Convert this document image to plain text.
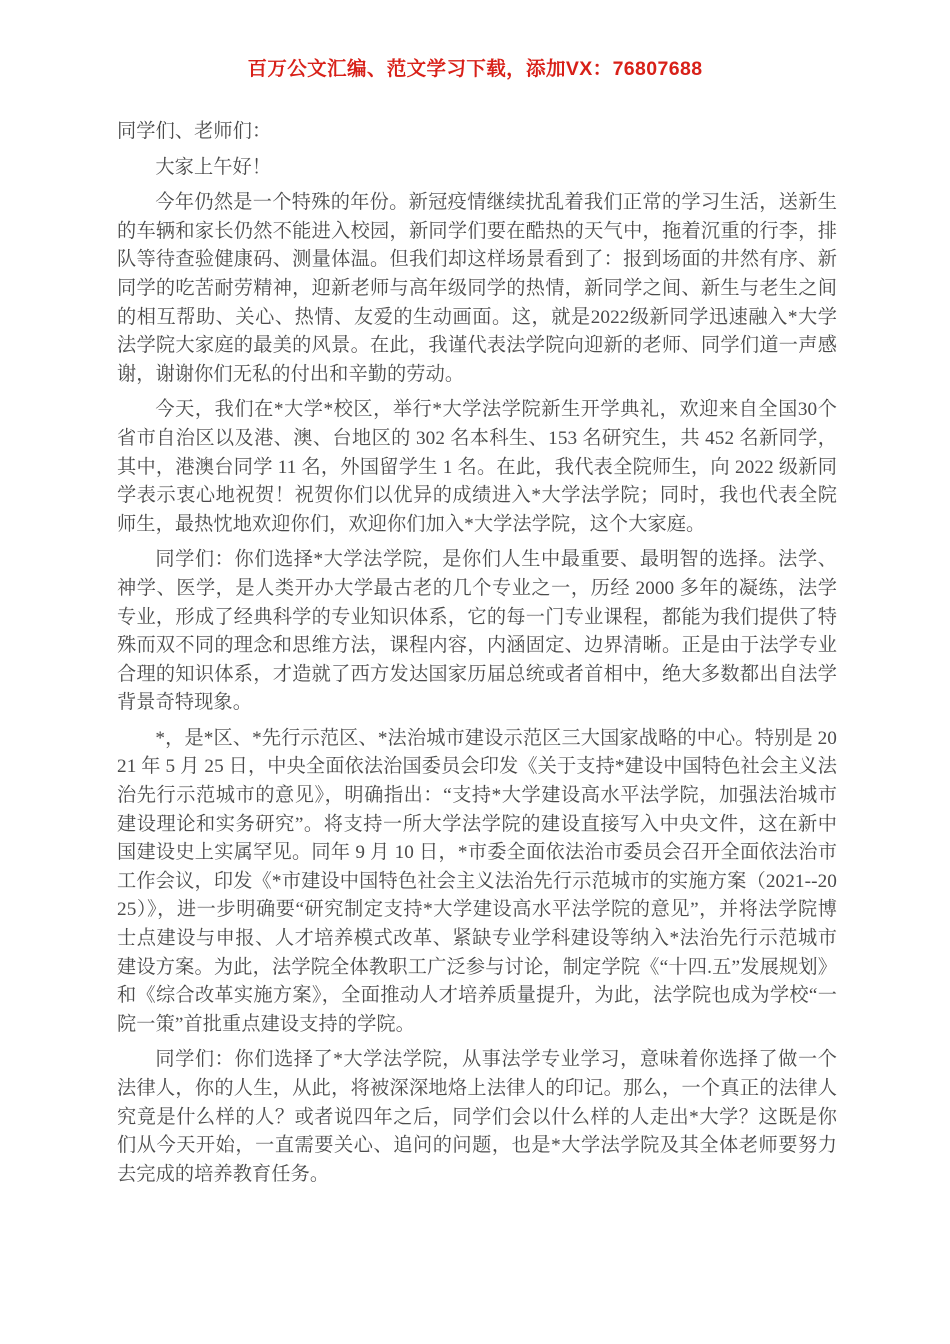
百万公文汇编、范文学习下载，添加VX：76807688

同学们、老师们：

大家上午好！

今年仍然是一个特殊的年份。新冠疫情继续扰乱着我们正常的学习生活，送新生的车辆和家长仍然不能进入校园，新同学们要在酷热的天气中，拖着沉重的行李，排队等待查验健康码、测量体温。但我们却这样场景看到了：报到场面的井然有序、新同学的吃苦耐劳精神，迎新老师与高年级同学的热情，新同学之间、新生与老生之间的相互帮助、关心、热情、友爱的生动画面。这，就是2022级新同学迅速融入*大学法学院大家庭的最美的风景。在此，我谨代表法学院向迎新的老师、同学们道一声感谢，谢谢你们无私的付出和辛勤的劳动。

今天，我们在*大学*校区，举行*大学法学院新生开学典礼，欢迎来自全国30个省市自治区以及港、澳、台地区的 302 名本科生、153 名研究生，共 452 名新同学，其中，港澳台同学 11 名，外国留学生 1 名。在此，我代表全院师生，向 2022 级新同学表示衷心地祝贺！祝贺你们以优异的成绩进入*大学法学院；同时，我也代表全院师生，最热忱地欢迎你们，欢迎你们加入*大学法学院，这个大家庭。

同学们：你们选择*大学法学院，是你们人生中最重要、最明智的选择。法学、神学、医学，是人类开办大学最古老的几个专业之一，历经 2000 多年的凝练，法学专业，形成了经典科学的专业知识体系，它的每一门专业课程，都能为我们提供了特殊而双不同的理念和思维方法，课程内容，内涵固定、边界清晰。正是由于法学专业合理的知识体系，才造就了西方发达国家历届总统或者首相中，绝大多数都出自法学背景奇特现象。

*，是*区、*先行示范区、*法治城市建设示范区三大国家战略的中心。特别是 2021 年 5 月 25 日，中央全面依法治国委员会印发《关于支持*建设中国特色社会主义法治先行示范城市的意见》，明确指出：“支持*大学建设高水平法学院，加强法治城市建设理论和实务研究”。将支持一所大学法学院的建设直接写入中央文件，这在新中国建设史上实属罕见。同年 9 月 10 日，*市委全面依法治市委员会召开全面依法治市工作会议，印发《*市建设中国特色社会主义法治先行示范城市的实施方案（2021--2025）》，进一步明确要“研究制定支持*大学建设高水平法学院的意见”，并将法学院博士点建设与申报、人才培养模式改革、紧缺专业学科建设等纳入*法治先行示范城市建设方案。为此，法学院全体教职工广泛参与讨论，制定学院《“十四.五”发展规划》和《综合改革实施方案》，全面推动人才培养质量提升，为此，法学院也成为学校“一院一策”首批重点建设支持的学院。

同学们：你们选择了*大学法学院，从事法学专业学习，意味着你选择了做一个法律人，你的人生，从此，将被深深地烙上法律人的印记。那么，一个真正的法律人究竟是什么样的人？或者说四年之后，同学们会以什么样的人走出*大学？这既是你们从今天开始，一直需要关心、追问的问题，也是*大学法学院及其全体老师要努力去完成的培养教育任务。
